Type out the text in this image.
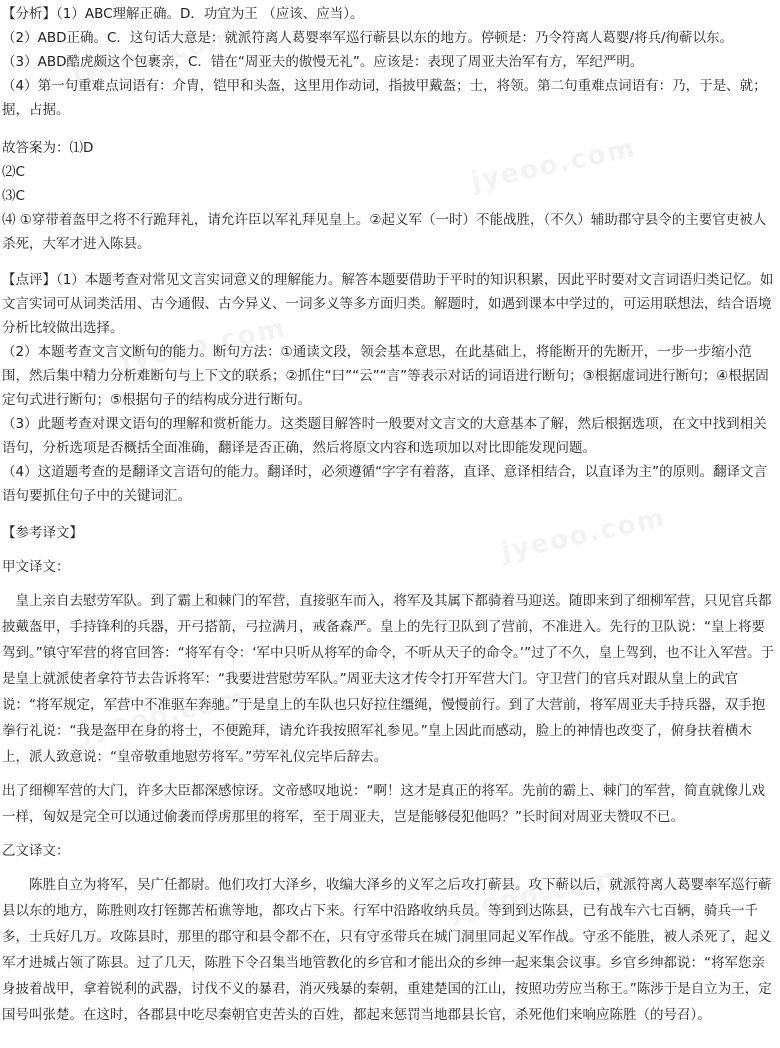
jyeoo.com
jyeoo.com
jyeoo.com
jyeoo.com
jyeoo.com
jyeoo.com

【分析】（1）ABC理解正确。D．功宜为王 （应该、应当）。

（2）ABD正确。C．这句话大意是：就派符离人葛婴率军巡行蕲县以东的地方。停顿是：乃令符离人葛婴/将兵/徇蕲以东。

（3）ABD酷虎颇这个包裹亲，C．错在“周亚夫的傲慢无礼”。应该是：表现了周亚夫治军有方，军纪严明。

（4）第一句重难点词语有：介胄，铠甲和头盔，这里用作动词，指披甲戴盔；士，将领。第二句重难点词语有：乃，于是、就；据，占据。

故答案为：⑴D

⑵C

⑶C

⑷ ①穿带着盔甲之将不行跪拜礼，请允许臣以军礼拜见皇上。②起义军（一时）不能战胜，（不久）辅助郡守县令的主要官吏被人杀死，大军才进入陈县。

【点评】（1）本题考查对常见文言实词意义的理解能力。解答本题要借助于平时的知识积累，因此平时要对文言词语归类记忆。如文言实词可从词类活用、古今通假、古今异义、一词多义等多方面归类。解题时，如遇到课本中学过的，可运用联想法，结合语境分析比较做出选择。

（2）本题考查文言文断句的能力。断句方法：①通读文段，领会基本意思，在此基础上，将能断开的先断开，一步一步缩小范围，然后集中精力分析难断句与上下文的联系；②抓住“曰”“云”“言”等表示对话的词语进行断句；③根据虚词进行断句；④根据固定句式进行断句；⑤根据句子的结构成分进行断句。

（3）此题考查对课文语句的理解和赏析能力。这类题目解答时一般要对文言文的大意基本了解，然后根据选项，在文中找到相关语句，分析选项是否概括全面准确，翻译是否正确，然后将原文内容和选项加以对比即能发现问题。

（4）这道题考查的是翻译文言语句的能力。翻译时，必须遵循“字字有着落，直译、意译相结合，以直译为主”的原则。翻译文言语句要抓住句子中的关键词汇。

【参考译文】

甲文译文：

　皇上亲自去慰劳军队。到了霸上和棘门的军营，直接驱车而入，将军及其属下都骑着马迎送。随即来到了细柳军营，只见官兵都披戴盔甲，手持锋利的兵器，开弓搭箭，弓拉满月，戒备森严。皇上的先行卫队到了营前，不准进入。先行的卫队说：“皇上将要驾到。”镇守军营的将官回答：“将军有令：‘军中只听从将军的命令，不听从天子的命令。’”过了不久，皇上驾到，也不让入军营。于是皇上就派使者拿符节去告诉将军：“我要进营慰劳军队。”周亚夫这才传令打开军营大门。守卫营门的官兵对跟从皇上的武官说：“将军规定，军营中不准驱车奔驰。”于是皇上的车队也只好拉住缰绳，慢慢前行。到了大营前，将军周亚夫手持兵器，双手抱拳行礼说：“我是盔甲在身的将士，不便跪拜，请允许我按照军礼参见。”皇上因此而感动，脸上的神情也改变了，俯身扶着横木上，派人致意说：“皇帝敬重地慰劳将军。”劳军礼仪完毕后辞去。

出了细柳军营的大门，许多大臣都深感惊讶。文帝感叹地说：“啊！这才是真正的将军。先前的霸上、棘门的军营，简直就像儿戏一样，匈奴是完全可以通过偷袭而俘虏那里的将军，至于周亚夫，岂是能够侵犯他吗？”长时间对周亚夫赞叹不已。

乙文译文：

　　陈胜自立为将军，吴广任都尉。他们攻打大泽乡，收编大泽乡的义军之后攻打蕲县。攻下蕲以后，就派符离人葛婴率军巡行蕲县以东的地方，陈胜则攻打铚酂苦柘谯等地，都攻占下来。行军中沿路收纳兵员。等到到达陈县，已有战车六七百辆，骑兵一千多，士兵好几万。攻陈县时，那里的郡守和县令都不在，只有守丞带兵在城门洞里同起义军作战。守丞不能胜，被人杀死了，起义军才进城占领了陈县。过了几天，陈胜下令召集当地管教化的乡官和才能出众的乡绅一起来集会议事。乡官乡绅都说：“将军您亲身披着战甲，拿着锐利的武器，讨伐不义的暴君，消灭残暴的秦朝，重建楚国的江山，按照功劳应当称王。”陈涉于是自立为王，定国号叫张楚。在这时，各郡县中吃尽秦朝官吏苦头的百姓，都起来惩罚当地郡县长官，杀死他们来响应陈胜（的号召）。
